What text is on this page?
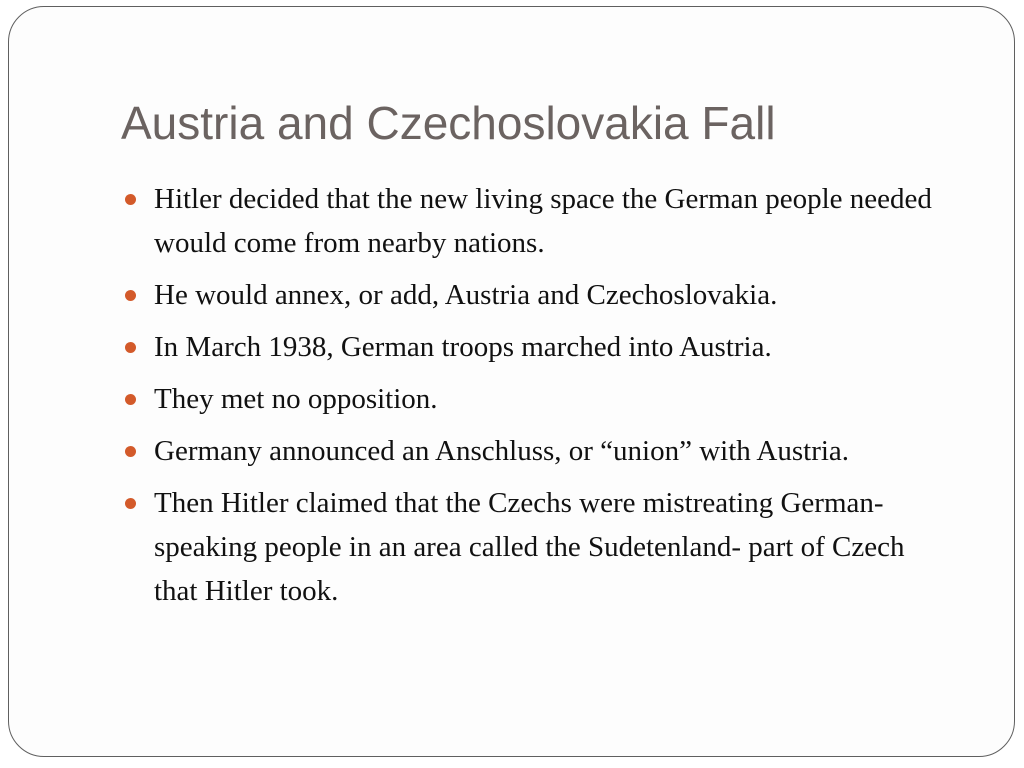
Austria and Czechoslovakia Fall
Hitler decided that the new living space the German people needed would come from nearby nations.
He would annex, or add, Austria and Czechoslovakia.
In March 1938, German troops marched into Austria.
They met no opposition.
Germany announced an Anschluss, or “union” with Austria.
Then Hitler claimed that the Czechs were mistreating German-speaking people in an area called the Sudetenland- part of Czech that Hitler took.
